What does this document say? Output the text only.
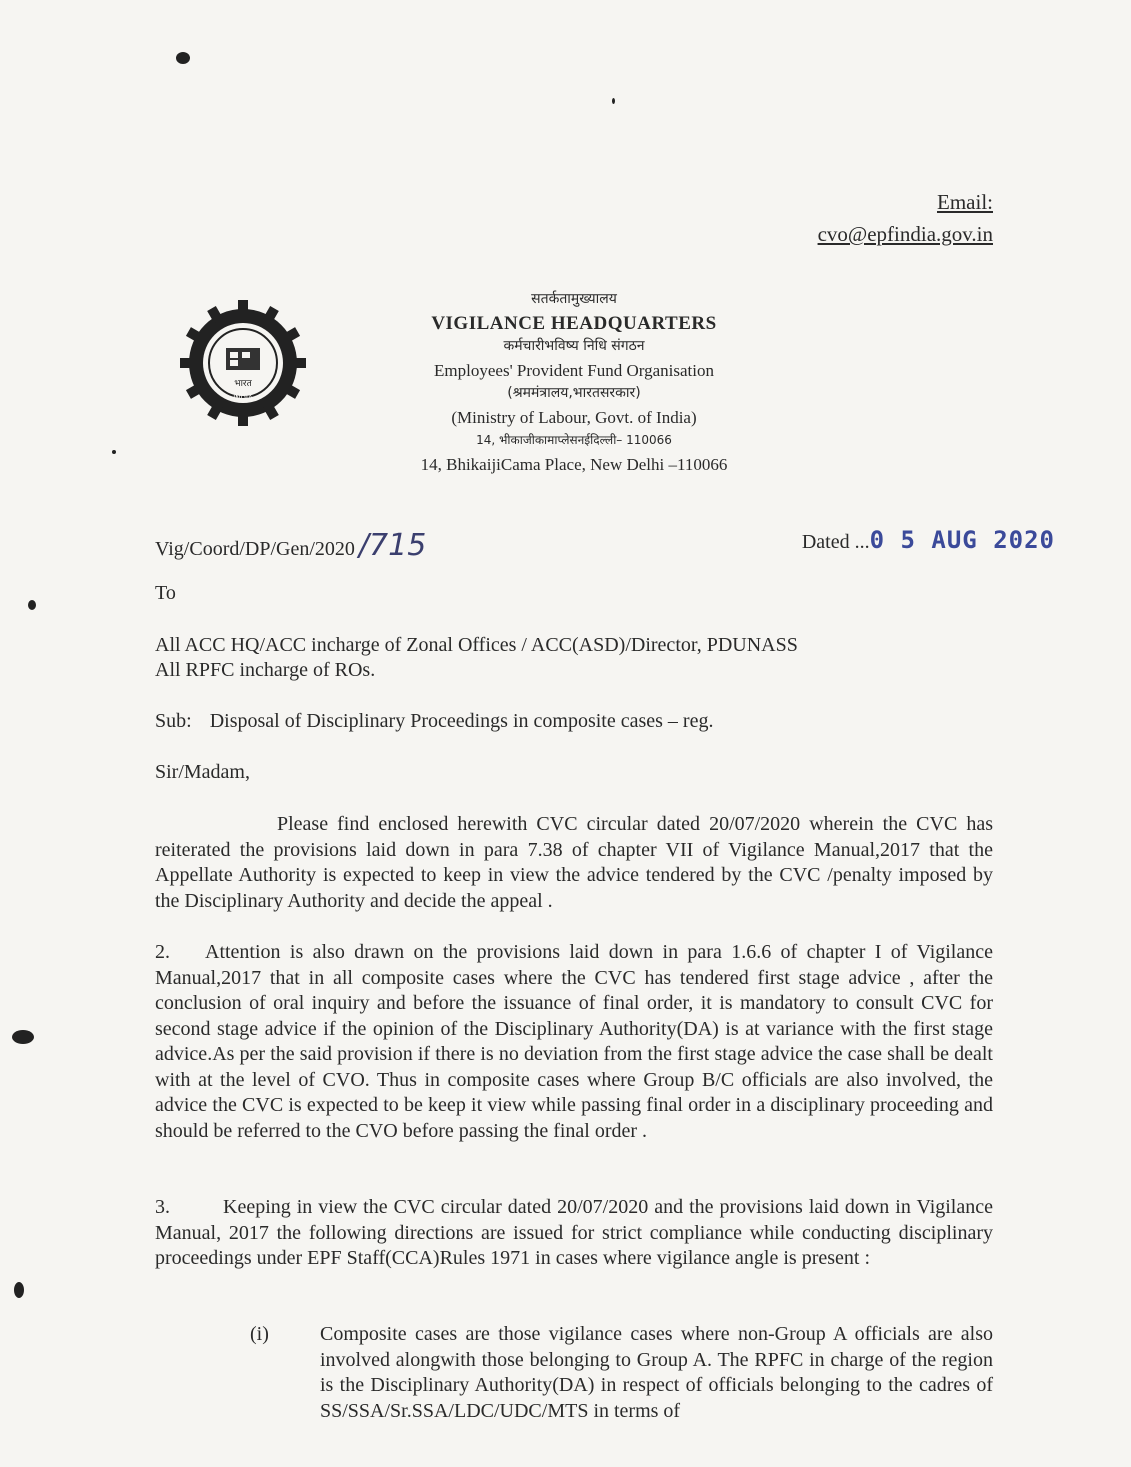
Email:
cvo@epfindia.gov.in
भारत
INDIA
सतर्कतामुख्यालय
VIGILANCE HEADQUARTERS
कर्मचारीभविष्य निधि संगठन
Employees' Provident Fund Organisation
(श्रममंत्रालय,भारतसरकार)
(Ministry of Labour, Govt. of India)
14, भीकाजीकामाप्लेसनईदिल्ली– 110066
14, BhikaijiCama Place, New Delhi –110066
Vig/Coord/DP/Gen/2020 /715	Dated ...0 5 AUG 2020
To
All ACC HQ/ACC incharge of Zonal Offices / ACC(ASD)/Director, PDUNASS
All RPFC incharge of ROs.
Sub: Disposal of Disciplinary Proceedings in composite cases – reg.
Sir/Madam,
Please find enclosed herewith CVC circular dated 20/07/2020 wherein the CVC has reiterated the provisions laid down in para 7.38 of chapter VII of Vigilance Manual,2017 that the Appellate Authority is expected to keep in view the advice tendered by the CVC /penalty imposed by the Disciplinary Authority and decide the appeal .
2. Attention is also drawn on the provisions laid down in para 1.6.6 of chapter I of Vigilance Manual,2017 that in all composite cases where the CVC has tendered first stage advice , after the conclusion of oral inquiry and before the issuance of final order, it is mandatory to consult CVC for second stage advice if the opinion of the Disciplinary Authority(DA) is at variance with the first stage advice.As per the said provision if there is no deviation from the first stage advice the case shall be dealt with at the level of CVO. Thus in composite cases where Group B/C officials are also involved, the advice the CVC is expected to be keep it view while passing final order in a disciplinary proceeding and should be referred to the CVO before passing the final order .
3.	Keeping in view the CVC circular dated 20/07/2020 and the provisions laid down in Vigilance Manual, 2017 the following directions are issued for strict compliance while conducting disciplinary proceedings under EPF Staff(CCA)Rules 1971 in cases where vigilance angle is present :
(i)	Composite cases are those vigilance cases where non-Group A officials are also involved alongwith those belonging to Group A. The RPFC in charge of the region is the Disciplinary Authority(DA) in respect of officials belonging to the cadres of SS/SSA/Sr.SSA/LDC/UDC/MTS in terms of
